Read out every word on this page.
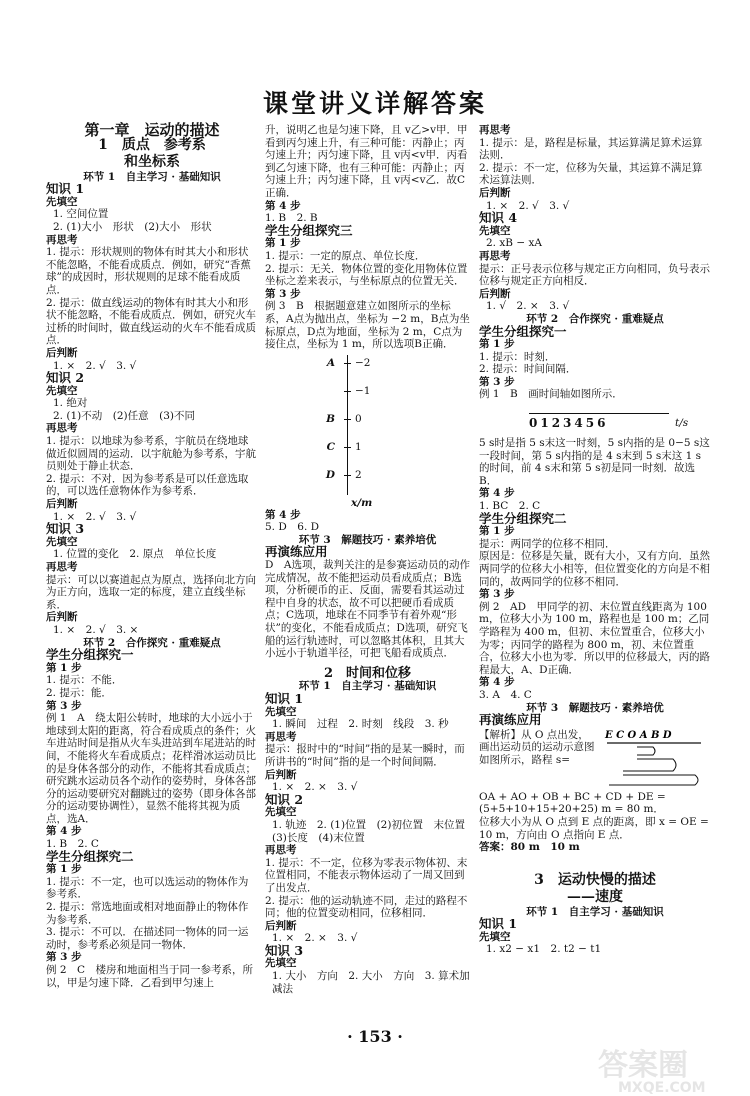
课堂讲义详解答案

第一章　运动的描述

1　质点　参考系
和坐标系

环节 1　自主学习 · 基础知识

知识 1

先填空

1. 空间位置

2. (1)大小　形状　(2)大小　形状

再思考

1. 提示：形状规则的物体有时其大小和形状不能忽略，不能看成质点．例如，研究“香蕉球”的成因时，形状规则的足球不能看成质点．

2. 提示：做直线运动的物体有时其大小和形状不能忽略，不能看成质点．例如，研究火车过桥的时间时，做直线运动的火车不能看成质点．

后判断

1. ×　2. √　3. √

知识 2

先填空

1. 绝对

2. (1)不动　(2)任意　(3)不同

再思考

1. 提示：以地球为参考系，宇航员在绕地球做近似圆周的运动．以宇航舱为参考系，宇航员则处于静止状态．

2. 提示：不对．因为参考系是可以任意选取的，可以选任意物体作为参考系．

后判断

1. ×　2. √　3. √

知识 3

先填空

1. 位置的变化　2. 原点　单位长度

再思考

提示：可以以赛道起点为原点，选择向北方向为正方向，选取一定的标度，建立直线坐标系．

后判断

1. ×　2. √　3. ×

环节 2　合作探究 · 重难疑点

学生分组探究一

第 1 步

1. 提示：不能．

2. 提示：能．

第 3 步

例 1　A　绕太阳公转时，地球的大小远小于地球到太阳的距离，符合看成质点的条件；火车进站时间是指从火车头进站到车尾进站的时间，不能将火车看成质点；花样滑冰运动员比的是身体各部分的动作，不能将其看成质点；研究跳水运动员各个动作的姿势时，身体各部分的运动要研究对翻跳过的姿势（即身体各部分的运动要协调性），显然不能将其视为质点，选A．

第 4 步

1. B　2. C

学生分组探究二

第 1 步

1. 提示：不一定，也可以选运动的物体作为参考系．

2. 提示：常选地面或相对地面静止的物体作为参考系．

3. 提示：不可以．在描述同一物体的同一运动时，参考系必须是同一物体．

第 3 步

例 2　C　楼房和地面相当于同一参考系，所以，甲是匀速下降．乙看到甲匀速上

升，说明乙也是匀速下降，且 v乙>v甲．甲看到丙匀速上升，有三种可能：丙静止；丙匀速上升；丙匀速下降，且 v丙<v甲．丙看到乙匀速下降，也有三种可能：丙静止；丙匀速上升；丙匀速下降，且 v丙<v乙．故C正确．

第 4 步

1. B　2. B

学生分组探究三

第 1 步

1. 提示：一定的原点、单位长度．

2. 提示：无关．物体位置的变化用物体位置坐标之差来表示，与坐标原点的位置无关．

第 3 步

例 3　B　根据题意建立如图所示的坐标系，A点为抛出点，坐标为 −2 m，B点为坐标原点，D点为地面，坐标为 2 m，C点为接住点，坐标为 1 m，所以选项B正确．

A −2
−1
B 0
C 1
D 2
x/m

第 4 步

5. D　6. D

环节 3　解题技巧 · 素养培优

再演练应用

D　A选项，裁判关注的是参赛运动员的动作完成情况，故不能把运动员看成质点；B选项，分析硬币的正、反面，需要看其运动过程中自身的状态，故不可以把硬币看成质点；C选项，地球在不同季节有着外观“形状”的变化，不能看成质点；D选项，研究飞船的运行轨迹时，可以忽略其体积，且其大小远小于轨道半径，可把飞船看成质点．

2　时间和位移

环节 1　自主学习 · 基础知识

知识 1

先填空

1. 瞬间　过程　2. 时刻　线段　3. 秒

再思考

提示：报时中的“时间”指的是某一瞬时，而所讲书的“时间”指的是一个时间间隔．

后判断

1. ×　2. ×　3. √

知识 2

先填空

1. 轨迹　2. (1)位置　(2)初位置　末位置　(3)长度　(4)末位置

再思考

1. 提示：不一定，位移为零表示物体初、末位置相同，不能表示物体运动了一周又回到了出发点．

2. 提示：他的运动轨迹不同，走过的路程不同；他的位置变动相同，位移相同．

后判断

1. ×　2. ×　3. √

知识 3

先填空

1. 大小　方向　2. 大小　方向　3. 算术加减法

再思考

1. 提示：是，路程是标量，其运算满足算术运算法则．

2. 提示：不一定，位移为矢量，其运算不满足算术运算法则．

后判断

1. ×　2. √　3. √

知识 4

先填空

2. xB − xA

再思考

提示：正号表示位移与规定正方向相同，负号表示位移与规定正方向相反．

后判断

1. √　2. ×　3. √

环节 2　合作探究 · 重难疑点

学生分组探究一

第 1 步

1. 提示：时刻．

2. 提示：时间间隔．

第 3 步

例 1　B　画时间轴如图所示．

0123456	t/s

5 s时是指 5 s末这一时刻，5 s内指的是 0−5 s这一段时间，第 5 s内指的是 4 s末到 5 s末这 1 s的时间，前 4 s末和第 5 s初是同一时刻．故选B．

第 4 步

1. BC　2. C

学生分组探究二

第 1 步

提示：两同学的位移不相同．

原因是：位移是矢量，既有大小，又有方向．虽然两同学的位移大小相等，但位置变化的方向是不相同的，故两同学的位移不相同．

第 3 步

例 2　AD　甲同学的初、末位置直线距离为 100 m，位移大小为 100 m，路程也是 100 m；乙同学路程为 400 m，但初、末位置重合，位移大小为零；丙同学的路程为 800 m，初、末位置重合，位移大小也为零．所以甲的位移最大，丙的路程最大，A、D正确．

第 4 步

3. A　4. C

环节 3　解题技巧 · 素养培优

再演练应用

【解析】从 O 点出发，画出运动员的运动示意图如图所示，路程 s=
E C O A B D

OA + AO + OB + BC + CD + DE = (5+5+10+15+20+25) m = 80 m．

位移大小为从 O 点到 E 点的距离，即 x = OE = 10 m，方向由 O 点指向 E 点．

答案：80 m　10 m

3　运动快慢的描述
——速度

环节 1　自主学习 · 基础知识

知识 1

先填空

1. x2 − x1　2. t2 − t1

· 153 ·

答案圈
MXQE.COM
